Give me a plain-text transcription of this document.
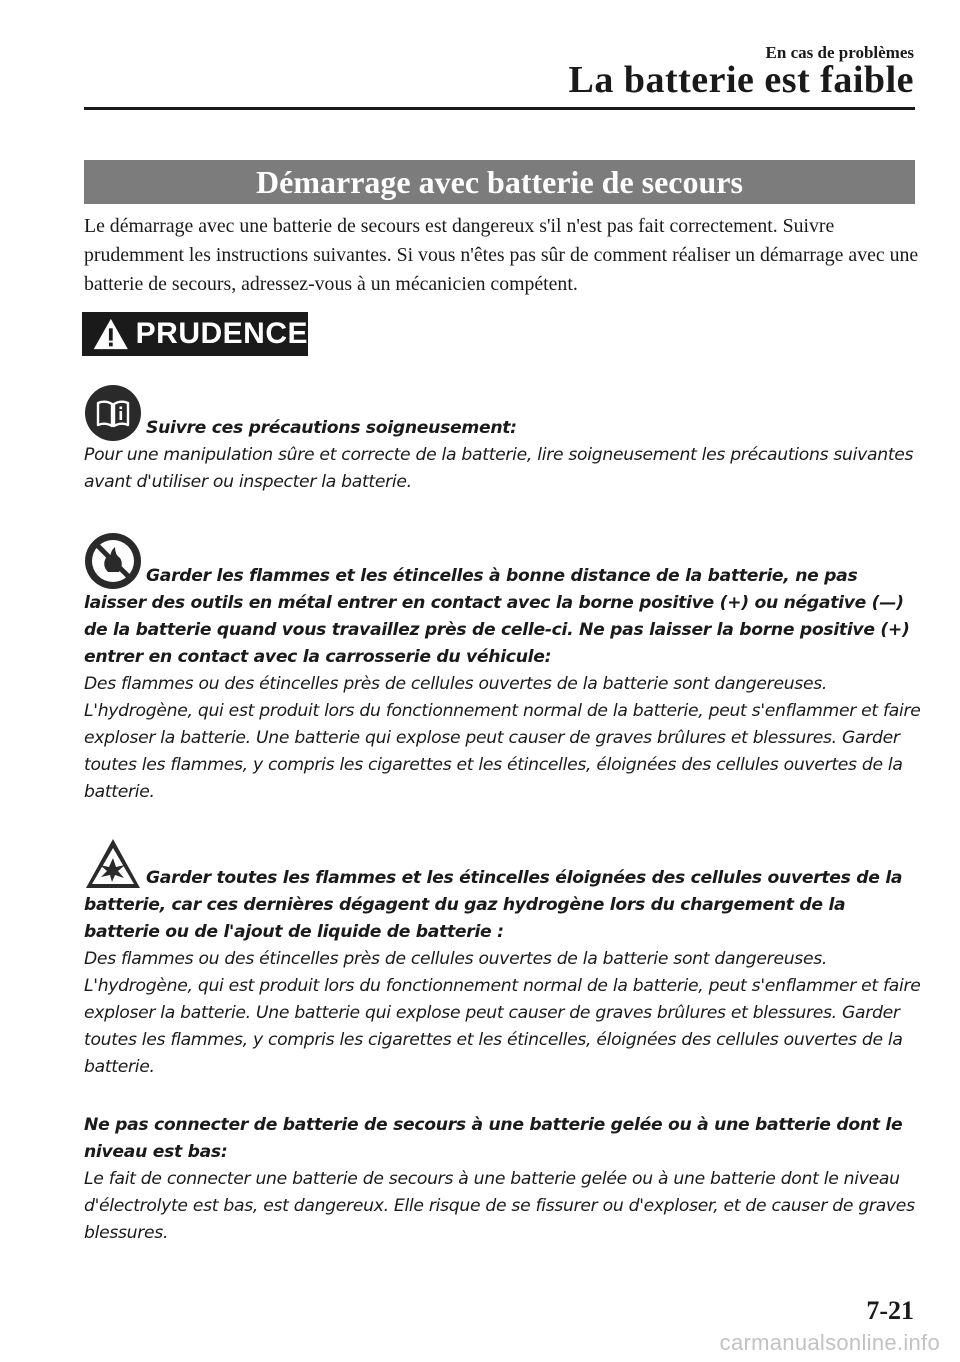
En cas de problèmes
La batterie est faible
Démarrage avec batterie de secours
Le démarrage avec une batterie de secours est dangereux s'il n'est pas fait correctement. Suivre prudemment les instructions suivantes. Si vous n'êtes pas sûr de comment réaliser un démarrage avec une batterie de secours, adressez-vous à un mécanicien compétent.
PRUDENCE

Suivre ces précautions soigneusement:

Pour une manipulation sûre et correcte de la batterie, lire soigneusement les précautions suivantes avant d'utiliser ou inspecter la batterie.

Garder les flammes et les étincelles à bonne distance de la batterie, ne pas laisser des outils en métal entrer en contact avec la borne positive (+) ou négative (—) de la batterie quand vous travaillez près de celle-ci. Ne pas laisser la borne positive (+) entrer en contact avec la carrosserie du véhicule:

Des flammes ou des étincelles près de cellules ouvertes de la batterie sont dangereuses. L'hydrogène, qui est produit lors du fonctionnement normal de la batterie, peut s'enflammer et faire exploser la batterie. Une batterie qui explose peut causer de graves brûlures et blessures. Garder toutes les flammes, y compris les cigarettes et les étincelles, éloignées des cellules ouvertes de la batterie.

Garder toutes les flammes et les étincelles éloignées des cellules ouvertes de la batterie, car ces dernières dégagent du gaz hydrogène lors du chargement de la batterie ou de l'ajout de liquide de batterie :

Des flammes ou des étincelles près de cellules ouvertes de la batterie sont dangereuses. L'hydrogène, qui est produit lors du fonctionnement normal de la batterie, peut s'enflammer et faire exploser la batterie. Une batterie qui explose peut causer de graves brûlures et blessures. Garder toutes les flammes, y compris les cigarettes et les étincelles, éloignées des cellules ouvertes de la batterie.

Ne pas connecter de batterie de secours à une batterie gelée ou à une batterie dont le niveau est bas:

Le fait de connecter une batterie de secours à une batterie gelée ou à une batterie dont le niveau d'électrolyte est bas, est dangereux. Elle risque de se fissurer ou d'exploser, et de causer de graves blessures.

7-21
carmanualsonline.info
